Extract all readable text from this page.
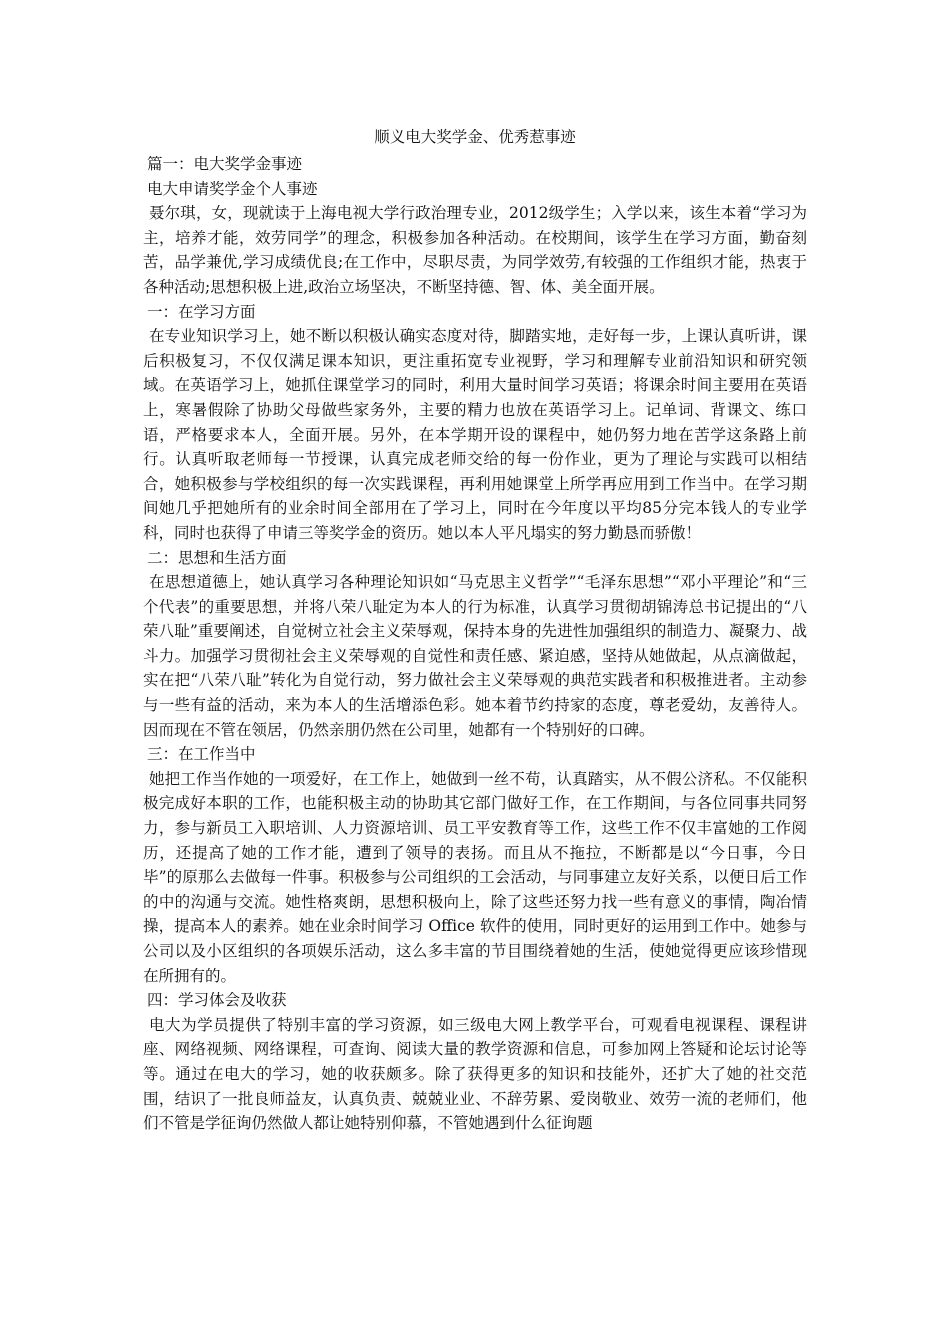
顺义电大奖学金、优秀惹事迹

篇一：电大奖学金事迹

电大申请奖学金个人事迹

聂尔琪，女，现就读于上海电视大学行政治理专业，2012级学生；入学以来，该生本着“学习为主，培养才能，效劳同学”的理念，积极参加各种活动。在校期间，该学生在学习方面，勤奋刻苦，品学兼优,学习成绩优良;在工作中，尽职尽责，为同学效劳,有较强的工作组织才能，热衷于各种活动;思想积极上进,政治立场坚决，不断坚持德、智、体、美全面开展。

一：在学习方面

在专业知识学习上，她不断以积极认确实态度对待，脚踏实地，走好每一步，上课认真听讲，课后积极复习，不仅仅满足课本知识，更注重拓宽专业视野，学习和理解专业前沿知识和研究领域。在英语学习上，她抓住课堂学习的同时，利用大量时间学习英语；将课余时间主要用在英语上，寒暑假除了协助父母做些家务外，主要的精力也放在英语学习上。记单词、背课文、练口语，严格要求本人，全面开展。另外，在本学期开设的课程中，她仍努力地在苦学这条路上前行。认真听取老师每一节授课，认真完成老师交给的每一份作业，更为了理论与实践可以相结合，她积极参与学校组织的每一次实践课程，再利用她课堂上所学再应用到工作当中。在学习期间她几乎把她所有的业余时间全部用在了学习上，同时在今年度以平均85分完本钱人的专业学科，同时也获得了申请三等奖学金的资历。她以本人平凡塌实的努力勤恳而骄傲！

二：思想和生活方面

在思想道德上，她认真学习各种理论知识如“马克思主义哲学”“毛泽东思想”“邓小平理论”和“三个代表”的重要思想，并将八荣八耻定为本人的行为标准，认真学习贯彻胡锦涛总书记提出的“八荣八耻”重要阐述，自觉树立社会主义荣辱观，保持本身的先进性加强组织的制造力、凝聚力、战斗力。加强学习贯彻社会主义荣辱观的自觉性和责任感、紧迫感，坚持从她做起，从点滴做起，实在把“八荣八耻”转化为自觉行动，努力做社会主义荣辱观的典范实践者和积极推进者。主动参与一些有益的活动，来为本人的生活增添色彩。她本着节约持家的态度，尊老爱幼，友善待人。因而现在不管在领居，仍然亲朋仍然在公司里，她都有一个特别好的口碑。

三：在工作当中

她把工作当作她的一项爱好，在工作上，她做到一丝不苟，认真踏实，从不假公济私。不仅能积极完成好本职的工作，也能积极主动的协助其它部门做好工作，在工作期间，与各位同事共同努力，参与新员工入职培训、人力资源培训、员工平安教育等工作，这些工作不仅丰富她的工作阅历，还提高了她的工作才能，遭到了领导的表扬。而且从不拖拉，不断都是以“今日事，今日毕”的原那么去做每一件事。积极参与公司组织的工会活动，与同事建立友好关系，以便日后工作的中的沟通与交流。她性格爽朗，思想积极向上，除了这些还努力找一些有意义的事情，陶冶情操，提高本人的素养。她在业余时间学习 Office 软件的使用，同时更好的运用到工作中。她参与公司以及小区组织的各项娱乐活动，这么多丰富的节目围绕着她的生活，使她觉得更应该珍惜现在所拥有的。

四：学习体会及收获

电大为学员提供了特别丰富的学习资源，如三级电大网上教学平台，可观看电视课程、课程讲座、网络视频、网络课程，可查询、阅读大量的教学资源和信息，可参加网上答疑和论坛讨论等等。通过在电大的学习，她的收获颇多。除了获得更多的知识和技能外，还扩大了她的社交范围，结识了一批良师益友，认真负责、兢兢业业、不辞劳累、爱岗敬业、效劳一流的老师们，他们不管是学征询仍然做人都让她特别仰慕，不管她遇到什么征询题
